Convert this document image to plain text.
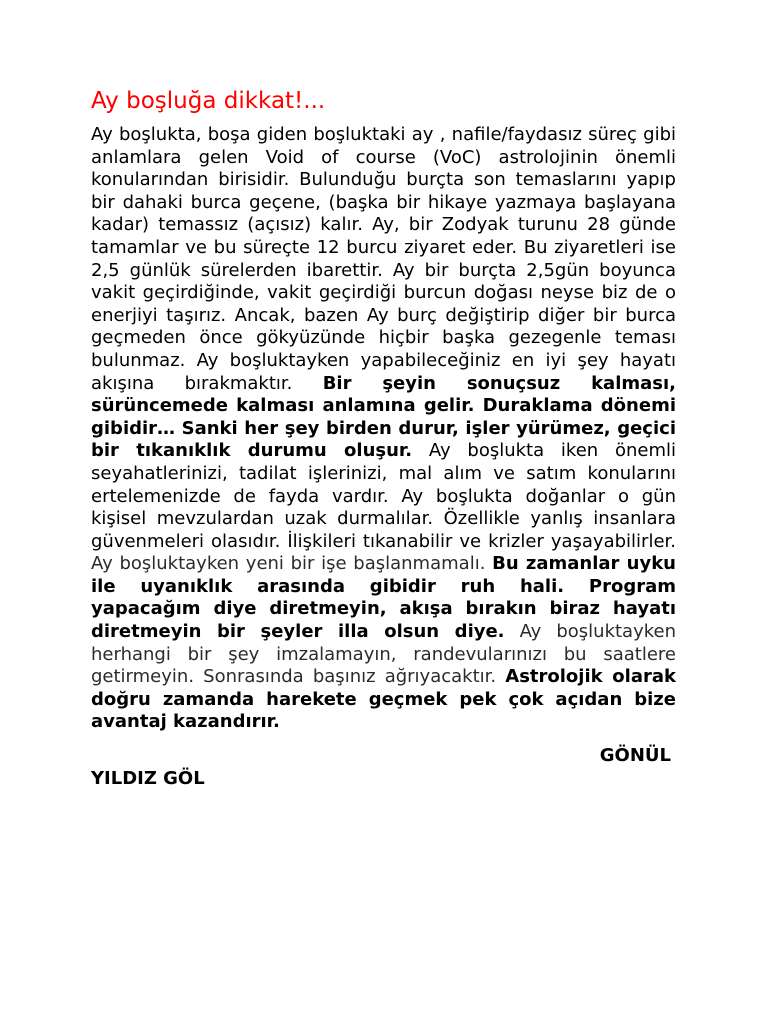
Ay boşluğa dikkat!...

Ay boşlukta, boşa giden boşluktaki ay , nafile/faydasız süreç gibi anlamlara gelen Void of course (VoC) astrolojinin önemli konularından birisidir. Bulunduğu burçta son temaslarını yapıp bir dahaki burca geçene, (başka bir hikaye yazmaya başlayana kadar) temassız (açısız) kalır. Ay, bir Zodyak turunu 28 günde tamamlar ve bu süreçte 12 burcu ziyaret eder. Bu ziyaretleri ise 2,5 günlük sürelerden ibarettir. Ay bir burçta 2,5gün boyunca vakit geçirdiğinde, vakit geçirdiği burcun doğası neyse biz de o enerjiyi taşırız. Ancak, bazen Ay burç değiştirip diğer bir burca geçmeden önce gökyüzünde hiçbir başka gezegenle teması bulunmaz. Ay boşluktayken yapabileceğiniz en iyi şey hayatı akışına bırakmaktır. Bir şeyin sonuçsuz kalması, sürüncemede kalması anlamına gelir. Duraklama dönemi gibidir… Sanki her şey birden durur, işler yürümez, geçici bir tıkanıklık durumu oluşur. Ay boşlukta iken önemli seyahatlerinizi, tadilat işlerinizi, mal alım ve satım konularını ertelemenizde de fayda vardır. Ay boşlukta doğanlar o gün kişisel mevzulardan uzak durmalılar. Özellikle yanlış insanlara güvenmeleri olasıdır. İlişkileri tıkanabilir ve krizler yaşayabilirler. Ay boşluktayken yeni bir işe başlanmamalı. Bu zamanlar uyku ile uyanıklık arasında gibidir ruh hali. Program yapacağım diye diretmeyin, akışa bırakın biraz hayatı diretmeyin bir şeyler illa olsun diye. Ay boşluktayken herhangi bir şey imzalamayın, randevularınızı bu saatlere getirmeyin. Sonrasında başınız ağrıyacaktır. Astrolojik olarak doğru zamanda harekete geçmek pek çok açıdan bize avantaj kazandırır.

GÖNÜL
YILDIZ GÖL
